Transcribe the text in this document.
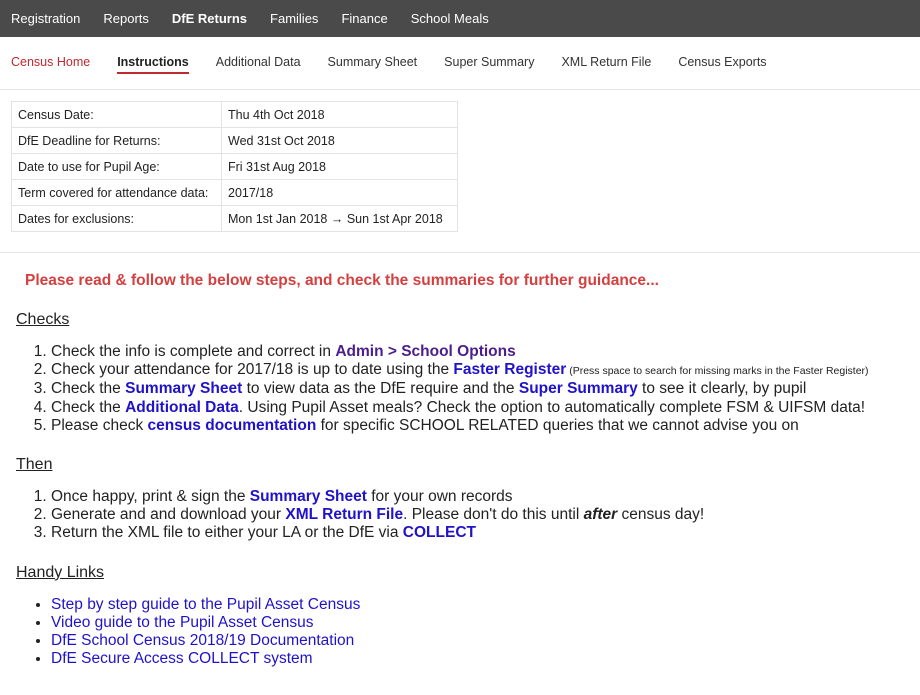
Registration Reports DfE Returns Families Finance School Meals
Census Home Instructions Additional Data Summary Sheet Super Summary XML Return File Census Exports
Census Date:	Thu 4th Oct 2018
DfE Deadline for Returns:	Wed 31st Oct 2018
Date to use for Pupil Age:	Fri 31st Aug 2018
Term covered for attendance data:	2017/18
Dates for exclusions:	Mon 1st Jan 2018 → Sun 1st Apr 2018
Please read & follow the below steps, and check the summaries for further guidance...
Checks
1. Check the info is complete and correct in Admin > School Options
2. Check your attendance for 2017/18 is up to date using the Faster Register (Press space to search for missing marks in the Faster Register)
3. Check the Summary Sheet to view data as the DfE require and the Super Summary to see it clearly, by pupil
4. Check the Additional Data. Using Pupil Asset meals? Check the option to automatically complete FSM & UIFSM data!
5. Please check census documentation for specific SCHOOL RELATED queries that we cannot advise you on
Then
1. Once happy, print & sign the Summary Sheet for your own records
2. Generate and and download your XML Return File. Please don't do this until after census day!
3. Return the XML file to either your LA or the DfE via COLLECT
Handy Links
• Step by step guide to the Pupil Asset Census
• Video guide to the Pupil Asset Census
• DfE School Census 2018/19 Documentation
• DfE Secure Access COLLECT system
